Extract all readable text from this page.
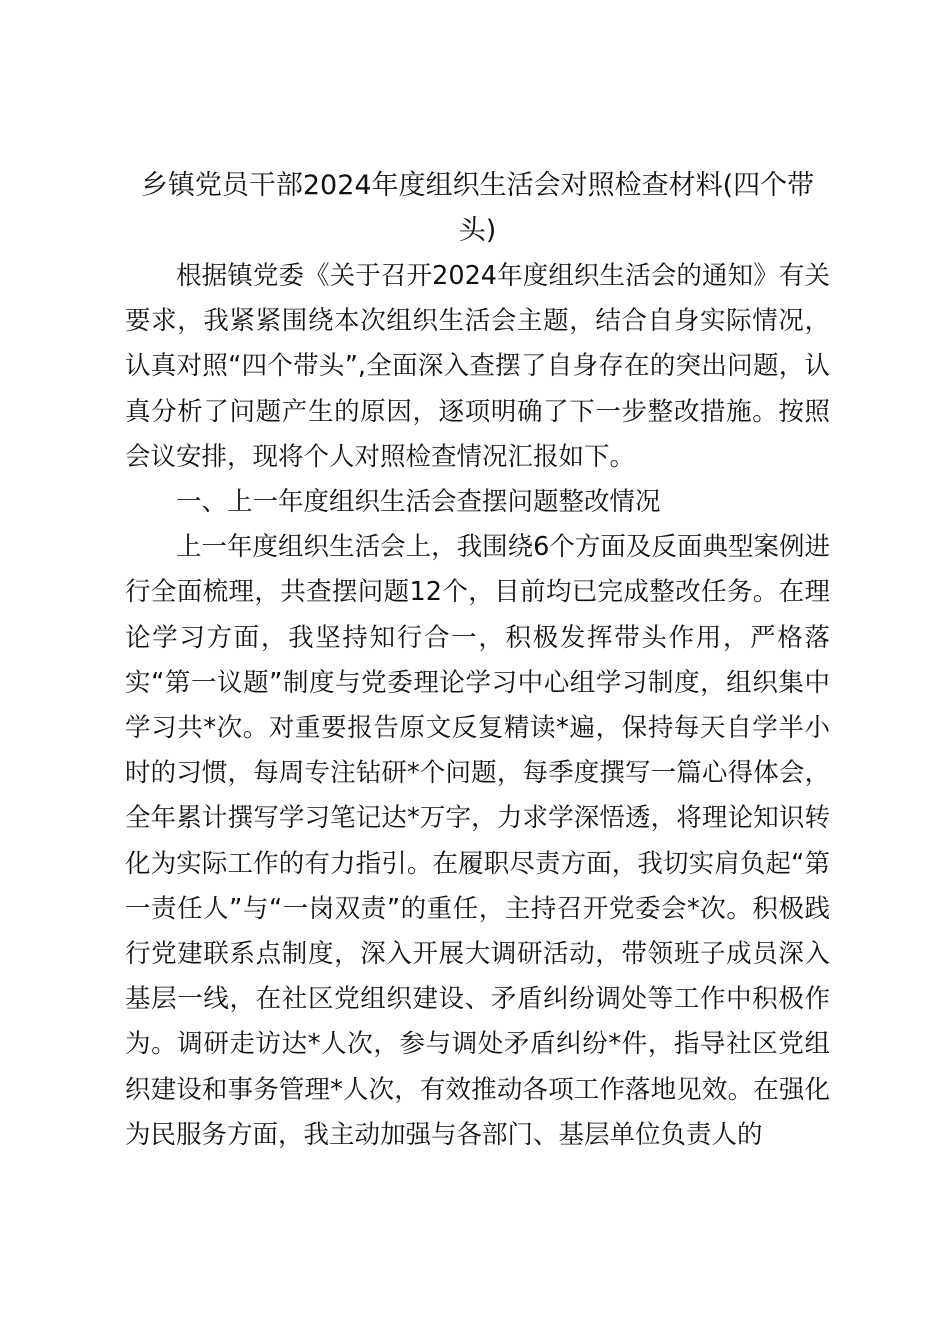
乡镇党员干部2024年度组织生活会对照检查材料(四个带头)

根据镇党委《关于召开2024年度组织生活会的通知》有关要求，我紧紧围绕本次组织生活会主题，结合自身实际情况，认真对照“四个带头”,全面深入查摆了自身存在的突出问题，认真分析了问题产生的原因，逐项明确了下一步整改措施。按照会议安排，现将个人对照检查情况汇报如下。

一、上一年度组织生活会查摆问题整改情况

上一年度组织生活会上，我围绕6个方面及反面典型案例进行全面梳理，共查摆问题12个，目前均已完成整改任务。在理论学习方面，我坚持知行合一，积极发挥带头作用，严格落实“第一议题”制度与党委理论学习中心组学习制度，组织集中学习共*次。对重要报告原文反复精读*遍，保持每天自学半小时的习惯，每周专注钻研*个问题，每季度撰写一篇心得体会，全年累计撰写学习笔记达*万字，力求学深悟透，将理论知识转化为实际工作的有力指引。在履职尽责方面，我切实肩负起“第一责任人”与“一岗双责”的重任，主持召开党委会*次。积极践行党建联系点制度，深入开展大调研活动，带领班子成员深入基层一线，在社区党组织建设、矛盾纠纷调处等工作中积极作为。调研走访达*人次，参与调处矛盾纠纷*件，指导社区党组织建设和事务管理*人次，有效推动各项工作落地见效。在强化为民服务方面，我主动加强与各部门、基层单位负责人的
